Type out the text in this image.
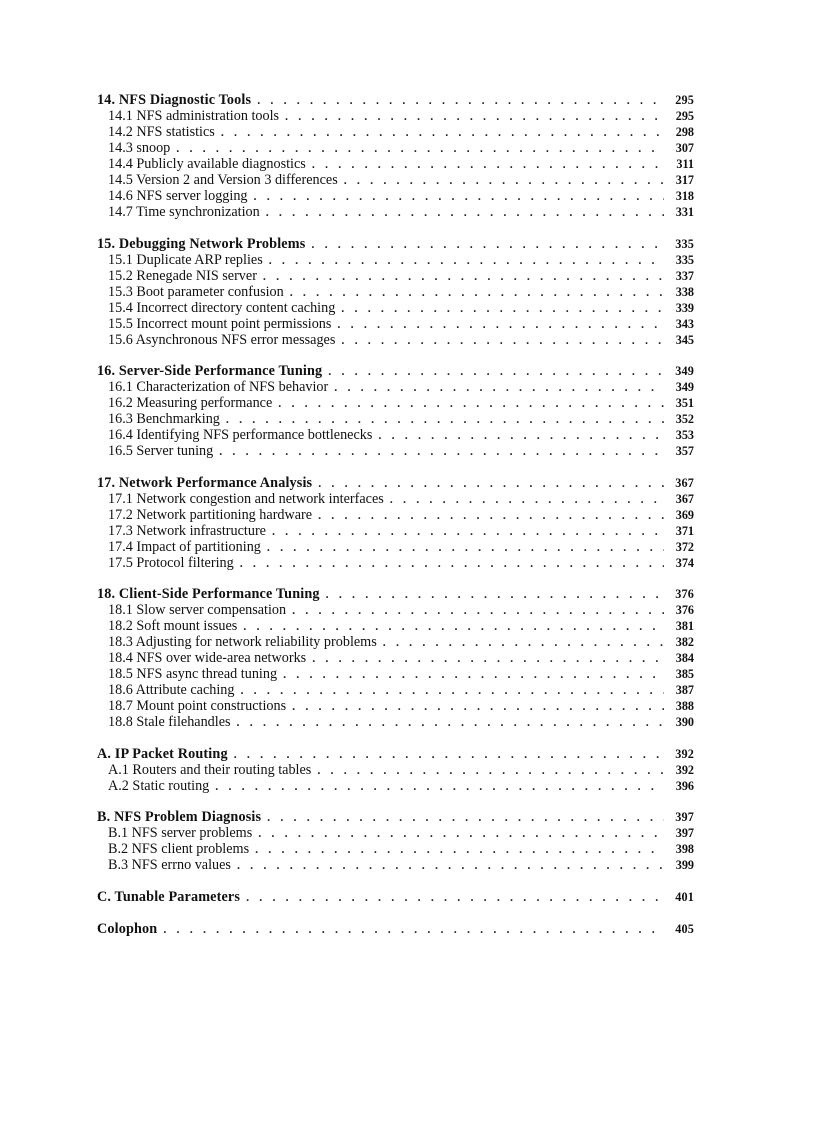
14. NFS Diagnostic Tools . . .	295
14.1 NFS administration tools . . .	295
14.2 NFS statistics . . .	298
14.3 snoop . . .	307
14.4 Publicly available diagnostics . . .	311
14.5 Version 2 and Version 3 differences . . .	317
14.6 NFS server logging . . .	318
14.7 Time synchronization . . .	331
15. Debugging Network Problems . . .	335
15.1 Duplicate ARP replies . . .	335
15.2 Renegade NIS server . . .	337
15.3 Boot parameter confusion . . .	338
15.4 Incorrect directory content caching . . .	339
15.5 Incorrect mount point permissions . . .	343
15.6 Asynchronous NFS error messages . . .	345
16. Server-Side Performance Tuning . . .	349
16.1 Characterization of NFS behavior . . .	349
16.2 Measuring performance . . .	351
16.3 Benchmarking . . .	352
16.4 Identifying NFS performance bottlenecks . . .	353
16.5 Server tuning . . .	357
17. Network Performance Analysis . . .	367
17.1 Network congestion and network interfaces . . .	367
17.2 Network partitioning hardware . . .	369
17.3 Network infrastructure . . .	371
17.4 Impact of partitioning . . .	372
17.5 Protocol filtering . . .	374
18. Client-Side Performance Tuning . . .	376
18.1 Slow server compensation . . .	376
18.2 Soft mount issues . . .	381
18.3 Adjusting for network reliability problems . . .	382
18.4 NFS over wide-area networks . . .	384
18.5 NFS async thread tuning . . .	385
18.6 Attribute caching . . .	387
18.7 Mount point constructions . . .	388
18.8 Stale filehandles . . .	390
A. IP Packet Routing . . .	392
A.1 Routers and their routing tables . . .	392
A.2 Static routing . . .	396
B. NFS Problem Diagnosis . . .	397
B.1 NFS server problems . . .	397
B.2 NFS client problems . . .	398
B.3 NFS errno values . . .	399
C. Tunable Parameters . . .	401
Colophon . . .	405
